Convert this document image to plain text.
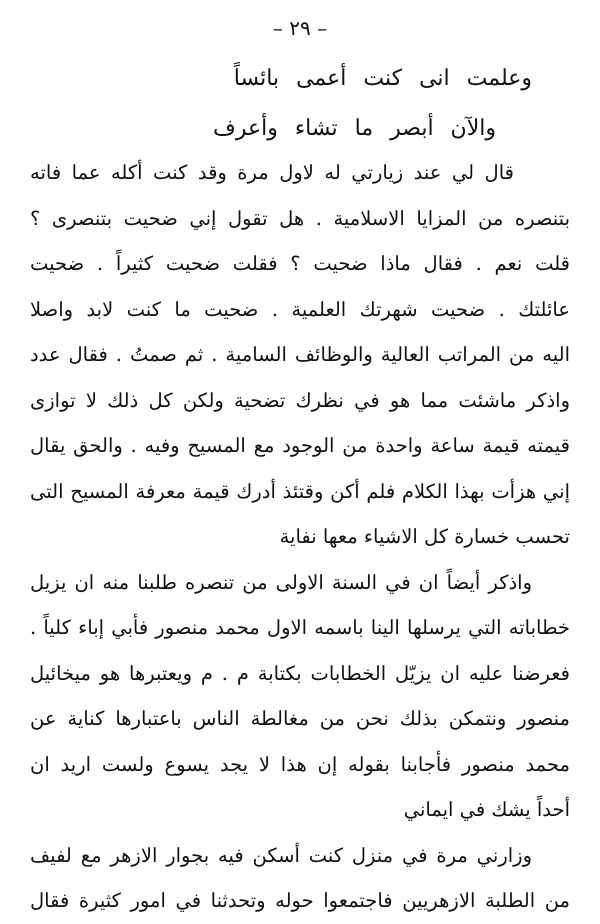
– ٢٩ –
وعلمت انى كنت أعمى بائساً
والآن أبصر ما تشاء وأعرف
قال لي عند زيارتي له لاول مرة وقد كنت أكله عما فاته
بتنصره من المزايا الاسلامية . هل تقول إني ضحيت بتنصرى ؟
قلت نعم . فقال ماذا ضحيت ؟ فقلت ضحيت كثيراً . ضحيت
عائلتك . ضحيت شهرتك العلمية . ضحيت ما كنت لابد واصلا
اليه من المراتب العالية والوظائف السامية . ثم صمتُ . فقال عدد
واذكر ماشئت مما هو في نظرك تضحية ولكن كل ذلك لا توازى
قيمته قيمة ساعة واحدة من الوجود مع المسيح وفيه . والحق يقال
إني هزأت بهذا الكلام فلم أكن وقتئذ أدرك قيمة معرفة المسيح التى
تحسب خسارة كل الاشياء معها نفاية
واذكر أيضاً ان في السنة الاولى من تنصره طلبنا منه ان يزيل
خطاباته التي يرسلها الينا باسمه الاول محمد منصور فأبي إباء كلياً .
فعرضنا عليه ان يزيّل الخطابات بكتابة م . م ويعتبرها هو ميخائيل
منصور ونتمكن بذلك نحن من مغالطة الناس باعتبارها كناية عن
محمد منصور فأجابنا بقوله إن هذا لا يجد يسوع ولست اريد ان
أحداً يشك في ايماني
وزارني مرة في منزل كنت أسكن فيه بجوار الازهر مع لفيف
من الطلبة الازهريين فاجتمعوا حوله وتحدثنا في امور كثيرة فقال
